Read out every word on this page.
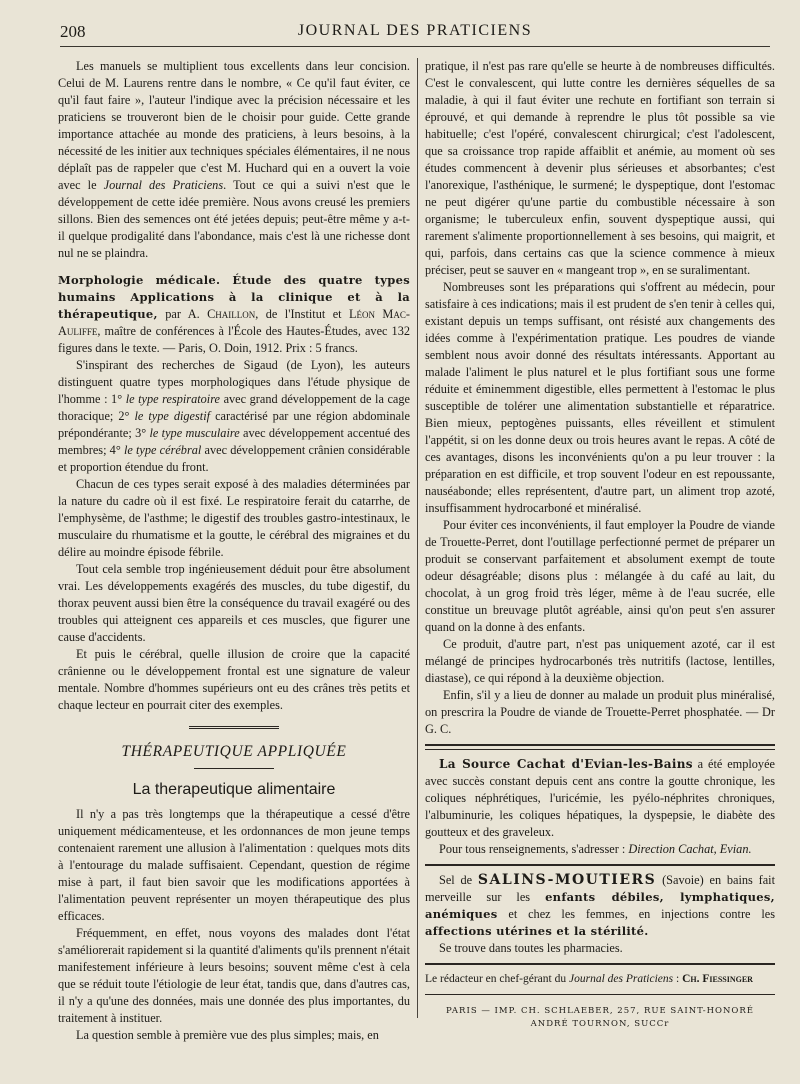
208	JOURNAL DES PRATICIENS

Les manuels se multiplient tous excellents dans leur concision. Celui de M. Laurens rentre dans le nombre, « Ce qu'il faut éviter, ce qu'il faut faire », l'auteur l'indique avec la précision nécessaire et les praticiens se trouveront bien de le choisir pour guide. Cette grande importance attachée au monde des praticiens, à leurs besoins, à la nécessité de les initier aux techniques spéciales élémentaires, il ne nous déplaît pas de rappeler que c'est M. Huchard qui en a ouvert la voie avec le Journal des Praticiens. Tout ce qui a suivi n'est que le développement de cette idée première. Nous avons creusé les premiers sillons. Bien des semences ont été jetées depuis; peut-être même y a-t-il quelque prodigalité dans l'abondance, mais c'est là une richesse dont nul ne se plaindra.

Morphologie médicale. Étude des quatre types humains Applications à la clinique et à la thérapeutique, par A. Chaillon, de l'Institut et Léon Mac-Auliffe, maître de conférences à l'École des Hautes-Études, avec 132 figures dans le texte. — Paris, O. Doin, 1912. Prix : 5 francs.

S'inspirant des recherches de Sigaud (de Lyon), les auteurs distinguent quatre types morphologiques dans l'étude physique de l'homme : 1° le type respiratoire avec grand développement de la cage thoracique; 2° le type digestif caractérisé par une région abdominale prépondérante; 3° le type musculaire avec développement accentué des membres; 4° le type cérébral avec développement crânien considérable et proportion étendue du front.

Chacun de ces types serait exposé à des maladies déterminées par la nature du cadre où il est fixé. Le respiratoire ferait du catarrhe, de l'emphysème, de l'asthme; le digestif des troubles gastro-intestinaux, le musculaire du rhumatisme et la goutte, le cérébral des migraines et du délire au moindre épisode fébrile.

Tout cela semble trop ingénieusement déduit pour être absolument vrai. Les développements exagérés des muscles, du tube digestif, du thorax peuvent aussi bien être la conséquence du travail exagéré ou des troubles qui atteignent ces appareils et ces muscles, que figurer une cause d'accidents.

Et puis le cérébral, quelle illusion de croire que la capacité crânienne ou le développement frontal est une signature de valeur mentale. Nombre d'hommes supérieurs ont eu des crânes très petits et chaque lecteur en pourrait citer des exemples.

THÉRAPEUTIQUE APPLIQUÉE

La therapeutique alimentaire

Il n'y a pas très longtemps que la thérapeutique a cessé d'être uniquement médicamenteuse, et les ordonnances de mon jeune temps contenaient rarement une allusion à l'alimentation : quelques mots dits à l'entourage du malade suffisaient. Cependant, question de régime mise à part, il faut bien savoir que les modifications apportées à l'alimentation peuvent représenter un moyen thérapeutique des plus efficaces.

Fréquemment, en effet, nous voyons des malades dont l'état s'améliorerait rapidement si la quantité d'aliments qu'ils prennent n'était manifestement inférieure à leurs besoins; souvent même c'est à cela que se réduit toute l'étiologie de leur état, tandis que, dans d'autres cas, il n'y a qu'une des données, mais une donnée des plus importantes, du traitement à instituer.

La question semble à première vue des plus simples; mais, en

pratique, il n'est pas rare qu'elle se heurte à de nombreuses difficultés. C'est le convalescent, qui lutte contre les dernières séquelles de sa maladie, à qui il faut éviter une rechute en fortifiant son terrain si éprouvé, et qui demande à reprendre le plus tôt possible sa vie habituelle; c'est l'opéré, convalescent chirurgical; c'est l'adolescent, que sa croissance trop rapide affaiblit et anémie, au moment où ses études commencent à devenir plus sérieuses et absorbantes; c'est l'anorexique, l'asthénique, le surmené; le dyspeptique, dont l'estomac ne peut digérer qu'une partie du combustible nécessaire à son organisme; le tuberculeux enfin, souvent dyspeptique aussi, qui rarement s'alimente proportionnellement à ses besoins, qui maigrit, et qui, parfois, dans certains cas que la science commence à mieux préciser, peut se sauver en « mangeant trop », en se suralimentant.

Nombreuses sont les préparations qui s'offrent au médecin, pour satisfaire à ces indications; mais il est prudent de s'en tenir à celles qui, existant depuis un temps suffisant, ont résisté aux changements des idées comme à l'expérimentation pratique. Les poudres de viande semblent nous avoir donné des résultats intéressants. Apportant au malade l'aliment le plus naturel et le plus fortifiant sous une forme réduite et éminemment digestible, elles permettent à l'estomac le plus susceptible de tolérer une alimentation substantielle et réparatrice. Bien mieux, peptogènes puissants, elles réveillent et stimulent l'appétit, si on les donne deux ou trois heures avant le repas. A côté de ces avantages, disons les inconvénients qu'on a pu leur trouver : la préparation en est difficile, et trop souvent l'odeur en est repoussante, nauséabonde; elles représentent, d'autre part, un aliment trop azoté, insuffisamment hydrocarboné et minéralisé.

Pour éviter ces inconvénients, il faut employer la Poudre de viande de Trouette-Perret, dont l'outillage perfectionné permet de préparer un produit se conservant parfaitement et absolument exempt de toute odeur désagréable; disons plus : mélangée à du café au lait, du chocolat, à un grog froid très léger, même à de l'eau sucrée, elle constitue un breuvage plutôt agréable, ainsi qu'on peut s'en assurer quand on la donne à des enfants.

Ce produit, d'autre part, n'est pas uniquement azoté, car il est mélangé de principes hydrocarbonés très nutritifs (lactose, lentilles, diastase), ce qui répond à la deuxième objection.

Enfin, s'il y a lieu de donner au malade un produit plus minéralisé, on prescrira la Poudre de viande de Trouette-Perret phosphatée. — Dr G. C.

La Source Cachat d'Evian-les-Bains a été employée avec succès constant depuis cent ans contre la goutte chronique, les coliques néphrétiques, l'uricémie, les pyélo-néphrites chroniques, l'albuminurie, les coliques hépatiques, la dyspepsie, le diabète des goutteux et des graveleux.

Pour tous renseignements, s'adresser : Direction Cachat, Evian.

Sel de SALINS-MOUTIERS (Savoie) en bains fait merveille sur les enfants débiles, lymphatiques, anémiques et chez les femmes, en injections contre les affections utérines et la stérilité.

Se trouve dans toutes les pharmacies.

Le rédacteur en chef-gérant du Journal des Praticiens : Ch. Fiessinger

PARIS — IMP. CH. SCHLAEBER, 257, RUE SAINT-HONORÉ
ANDRÉ TOURNON, SUCCr
